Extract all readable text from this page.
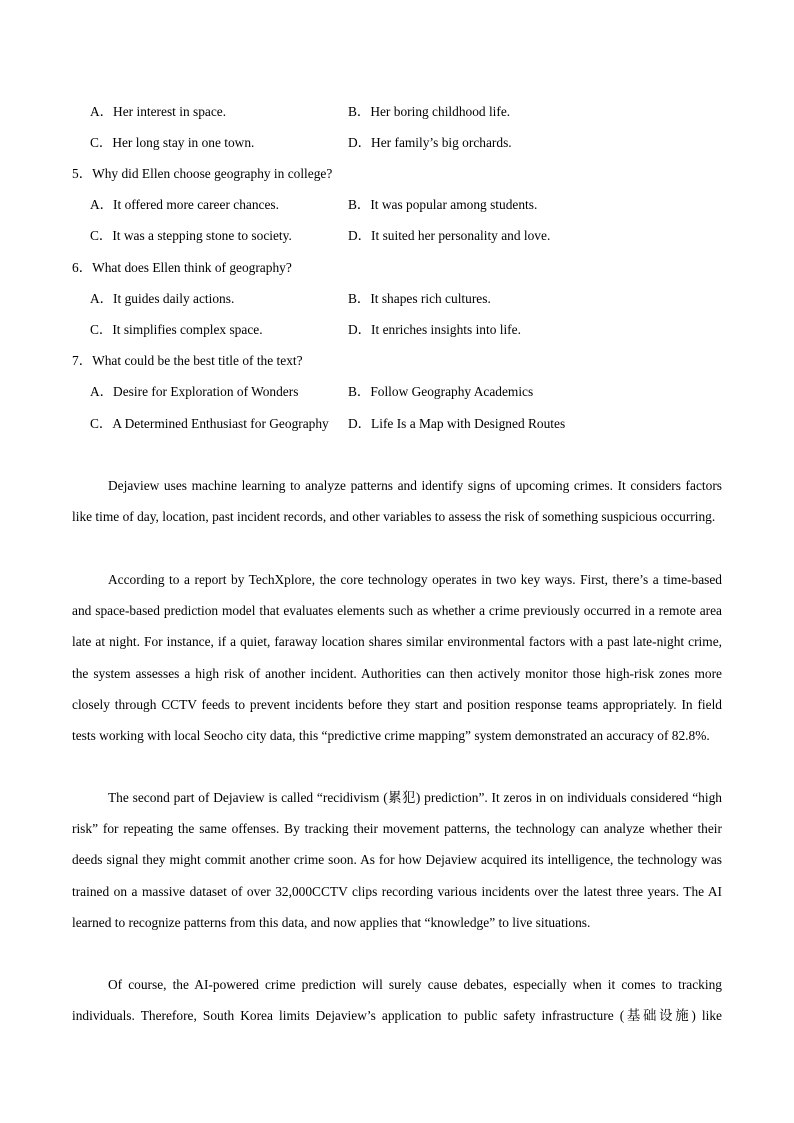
A．Her interest in space.	B．Her boring childhood life.
C．Her long stay in one town.	D．Her family’s big orchards.
5．Why did Ellen choose geography in college?
A．It offered more career chances.	B．It was popular among students.
C．It was a stepping stone to society.	D．It suited her personality and love.
6．What does Ellen think of geography?
A．It guides daily actions.	B．It shapes rich cultures.
C．It simplifies complex space.	D．It enriches insights into life.
7．What could be the best title of the text?
A．Desire for Exploration of Wonders	B．Follow Geography Academics
C．A Determined Enthusiast for Geography D．Life Is a Map with Designed Routes
Dejaview uses machine learning to analyze patterns and identify signs of upcoming crimes. It considers factors like time of day, location, past incident records, and other variables to assess the risk of something suspicious occurring.
According to a report by TechXplore, the core technology operates in two key ways. First, there’s a time-based and space-based prediction model that evaluates elements such as whether a crime previously occurred in a remote area late at night. For instance, if a quiet, faraway location shares similar environmental factors with a past late-night crime, the system assesses a high risk of another incident. Authorities can then actively monitor those high-risk zones more closely through CCTV feeds to prevent incidents before they start and position response teams appropriately. In field tests working with local Seocho city data, this “predictive crime mapping” system demonstrated an accuracy of 82.8%.
The second part of Dejaview is called “recidivism (累犯) prediction”. It zeros in on individuals considered “high risk” for repeating the same offenses. By tracking their movement patterns, the technology can analyze whether their deeds signal they might commit another crime soon. As for how Dejaview acquired its intelligence, the technology was trained on a massive dataset of over 32,000CCTV clips recording various incidents over the latest three years. The AI learned to recognize patterns from this data, and now applies that “knowledge” to live situations.
Of course, the AI-powered crime prediction will surely cause debates, especially when it comes to tracking individuals. Therefore, South Korea limits Dejaview’s application to public safety infrastructure (基础设施) like
